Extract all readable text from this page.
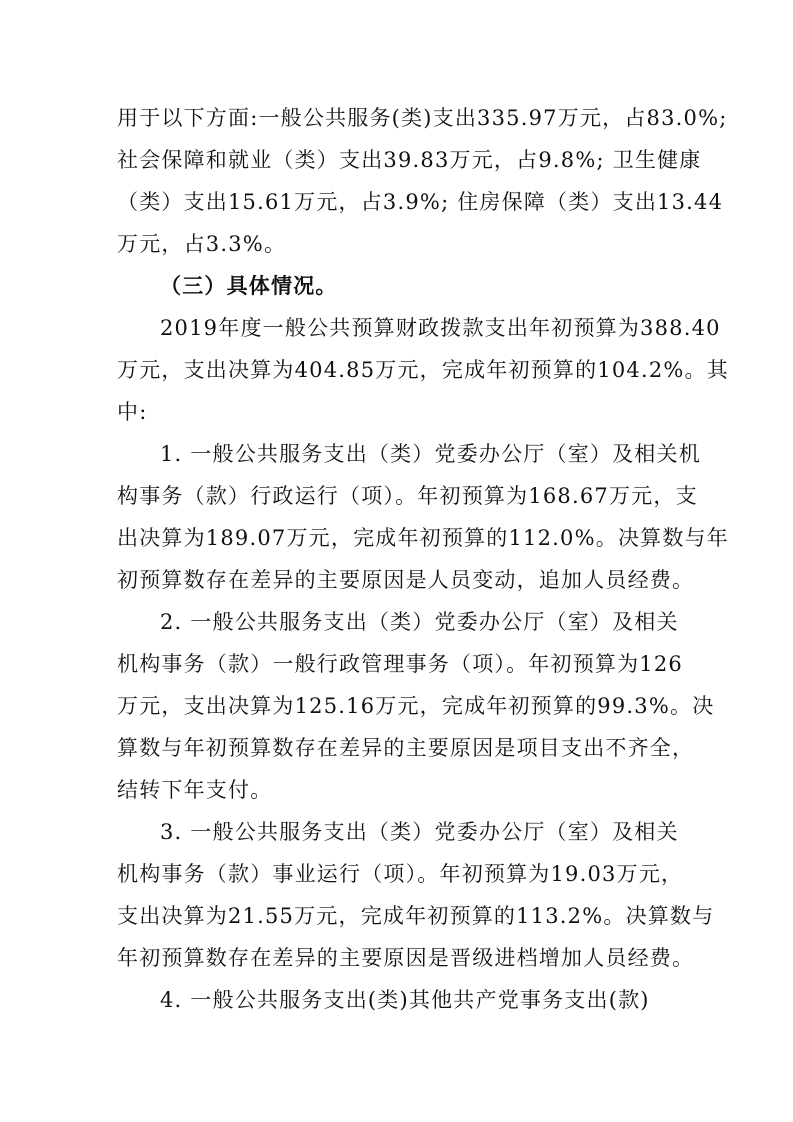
用于以下方面:一般公共服务(类)支出335.97万元，占83.0%;
社会保障和就业（类）支出39.83万元，占9.8%; 卫生健康
（类）支出15.61万元，占3.9%; 住房保障（类）支出13.44
万元，占3.3%。
（三）具体情况。
2019年度一般公共预算财政拨款支出年初预算为388.40
万元，支出决算为404.85万元，完成年初预算的104.2%。其
中:
1. 一般公共服务支出（类）党委办公厅（室）及相关机
构事务（款）行政运行（项）。年初预算为168.67万元，支
出决算为189.07万元，完成年初预算的112.0%。决算数与年
初预算数存在差异的主要原因是人员变动，追加人员经费。
2. 一般公共服务支出（类）党委办公厅（室）及相关
机构事务（款）一般行政管理事务（项）。年初预算为126
万元，支出决算为125.16万元，完成年初预算的99.3%。决
算数与年初预算数存在差异的主要原因是项目支出不齐全，
结转下年支付。
3. 一般公共服务支出（类）党委办公厅（室）及相关
机构事务（款）事业运行（项）。年初预算为19.03万元，
支出决算为21.55万元，完成年初预算的113.2%。决算数与
年初预算数存在差异的主要原因是晋级进档增加人员经费。
4. 一般公共服务支出(类)其他共产党事务支出(款)
